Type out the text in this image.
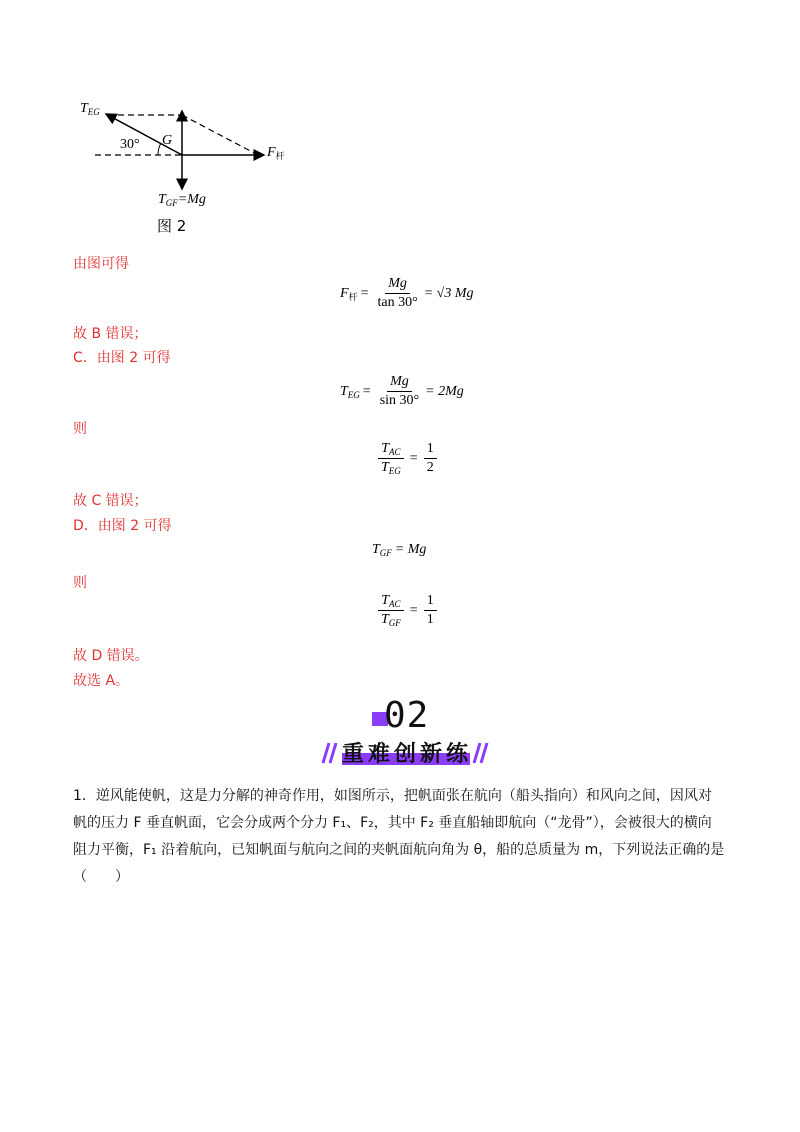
$T_{EG}$
30° G
$F_杆$
$T_{GF}=Mg$
图 2
由图可得
F 杆 = $\frac{Mg}{\tan 30^\circ} = √3$ Mg
故 B 错误；
C．由图 2 可得
T EG = $\frac{Mg}{\sin 30^\circ} = 2Mg$
则
$\frac{T_{AC}}{T_{EG}} = \frac{1}{2}$
故 C 错误；
D．由图 2 可得
T GF = Mg
则
$\frac{T_{AC}}{T_{GF}} = \frac{1}{1}$
故 D 错误。
故选 A。
02
重难创新练
1．逆风能使帆，这是力分解的神奇作用，如图所示，把帆面张在航向（船头指向）和风向之间，因风对
帆的压力 F 垂直帆面，它会分成两个分力 F₁、F₂，其中 F₂ 垂直船轴即航向（“龙骨”），会被很大的横向
阻力平衡，F₁ 沿着航向，已知帆面与航向之间的夹帆面航向角为 θ，船的总质量为 m，下列说法正确的是
（　　）
